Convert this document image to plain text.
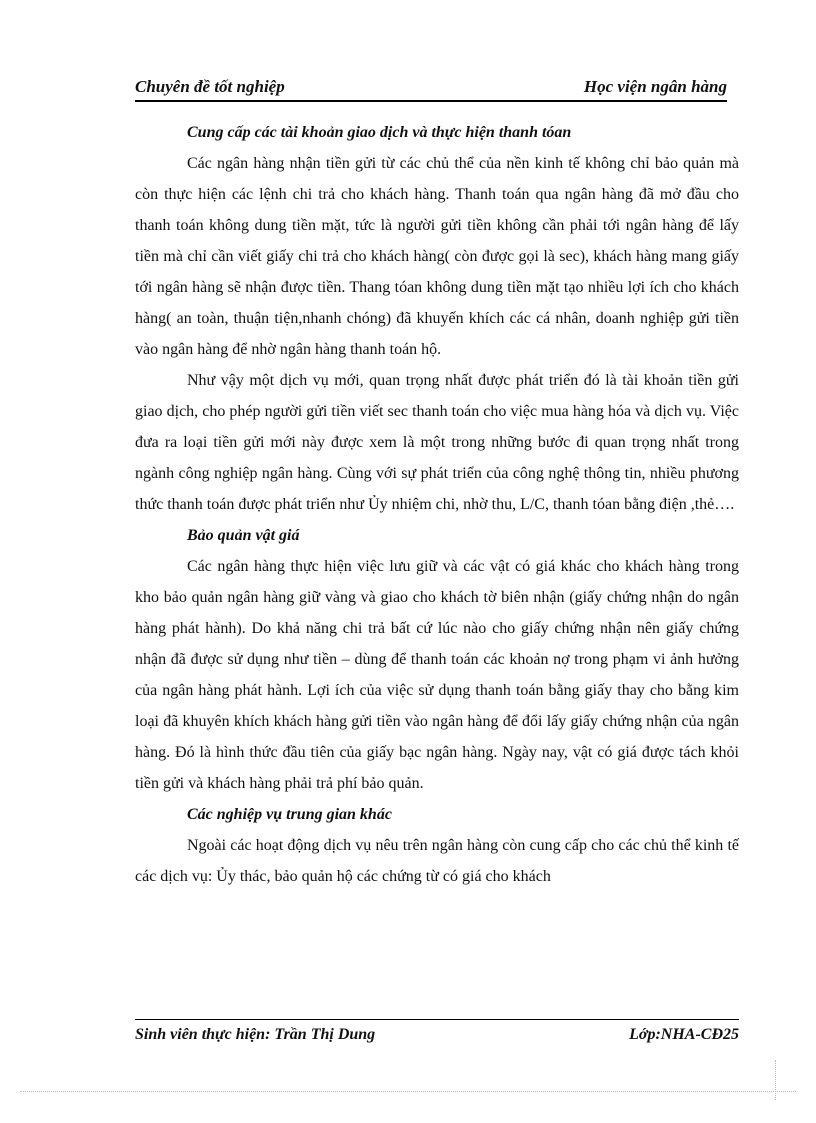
Chuyên đề tốt nghiệp	Học viện ngân hàng
Cung cấp các tài khoản giao dịch và thực hiện thanh tóan

Các ngân hàng nhận tiền gửi từ các chủ thể của nền kinh tế không chỉ bảo quản mà còn thực hiện các lệnh chi trả cho khách hàng. Thanh toán qua ngân hàng đã mở đầu cho thanh toán không dung tiền mặt, tức là người gửi tiền không cần phải tới ngân hàng để lấy tiền mà chỉ cần viết giấy chi trả cho khách hàng( còn được gọi là sec), khách hàng mang giấy tới ngân hàng sẽ nhận được tiền. Thang tóan không dung tiền mặt tạo nhiều lợi ích cho khách hàng( an toàn, thuận tiện,nhanh chóng) đã khuyến khích các cá nhân, doanh nghiệp gửi tiền vào ngân hàng để nhờ ngân hàng thanh toán hộ.

Như vậy một dịch vụ mới, quan trọng nhất được phát triển đó là tài khoản tiền gửi giao dịch, cho phép người gửi tiền viết sec thanh toán cho việc mua hàng hóa và dịch vụ. Việc đưa ra loại tiền gửi mới này được xem là một trong những bước đi quan trọng nhất trong ngành công nghiệp ngân hàng. Cùng với sự phát triển của công nghệ thông tin, nhiều phương thức thanh toán được phát triển như Ủy nhiệm chi, nhờ thu, L/C, thanh tóan bằng điện ,thẻ….

Bảo quản vật giá

Các ngân hàng thực hiện việc lưu giữ và các vật có giá khác cho khách hàng trong kho bảo quản ngân hàng giữ vàng và giao cho khách tờ biên nhận (giấy chứng nhận do ngân hàng phát hành). Do khả năng chi trả bất cứ lúc nào cho giấy chứng nhận nên giấy chứng nhận đã được sử dụng như tiền – dùng để thanh toán các khoản nợ trong phạm vi ảnh hưởng của ngân hàng phát hành. Lợi ích của việc sử dụng thanh toán bằng giấy thay cho bằng kim loại đã khuyên khích khách hàng gửi tiền vào ngân hàng để đổi lấy giấy chứng nhận của ngân hàng. Đó là hình thức đầu tiên của giấy bạc ngân hàng. Ngày nay, vật có giá được tách khỏi tiền gửi và khách hàng phải trả phí bảo quản.

Các nghiệp vụ trung gian khác

Ngoài các hoạt động dịch vụ nêu trên ngân hàng còn cung cấp cho các chủ thể kinh tế các dịch vụ: Ủy thác, bảo quản hộ các chứng từ có giá cho khách

Sinh viên thực hiện: Trần Thị Dung	Lớp:NHA-CĐ25
